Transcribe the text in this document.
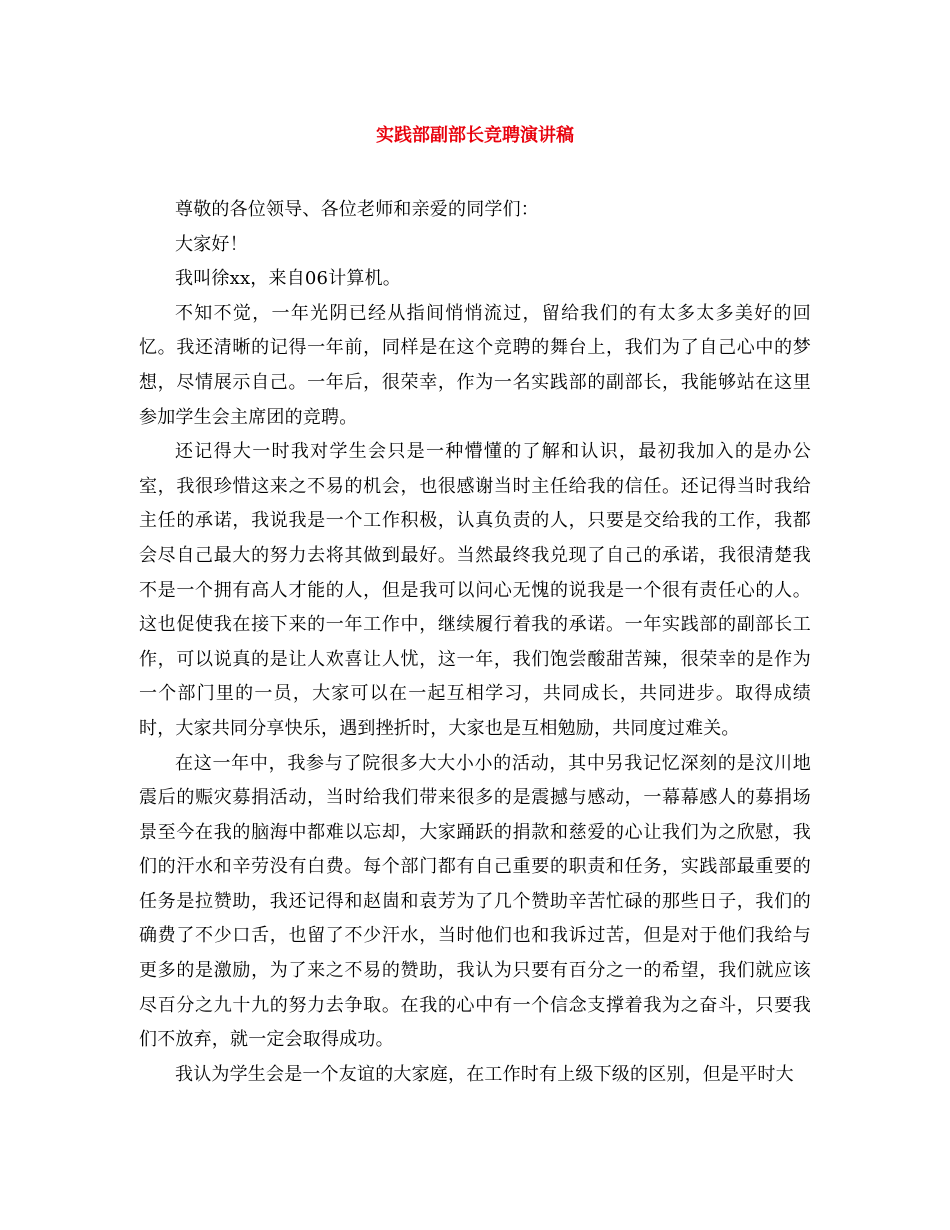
实践部副部长竞聘演讲稿

尊敬的各位领导、各位老师和亲爱的同学们：

大家好！

我叫徐xx，来自06计算机。

不知不觉，一年光阴已经从指间悄悄流过，留给我们的有太多太多美好的回忆。我还清晰的记得一年前，同样是在这个竞聘的舞台上，我们为了自己心中的梦想，尽情展示自己。一年后，很荣幸，作为一名实践部的副部长，我能够站在这里参加学生会主席团的竞聘。

还记得大一时我对学生会只是一种懵懂的了解和认识，最初我加入的是办公室，我很珍惜这来之不易的机会，也很感谢当时主任给我的信任。还记得当时我给主任的承诺，我说我是一个工作积极，认真负责的人，只要是交给我的工作，我都会尽自己最大的努力去将其做到最好。当然最终我兑现了自己的承诺，我很清楚我不是一个拥有高人才能的人，但是我可以问心无愧的说我是一个很有责任心的人。这也促使我在接下来的一年工作中，继续履行着我的承诺。一年实践部的副部长工作，可以说真的是让人欢喜让人忧，这一年，我们饱尝酸甜苦辣，很荣幸的是作为一个部门里的一员，大家可以在一起互相学习，共同成长，共同进步。取得成绩时，大家共同分享快乐，遇到挫折时，大家也是互相勉励，共同度过难关。

在这一年中，我参与了院很多大大小小的活动，其中另我记忆深刻的是汶川地震后的赈灾募捐活动，当时给我们带来很多的是震撼与感动，一幕幕感人的募捐场景至今在我的脑海中都难以忘却，大家踊跃的捐款和慈爱的心让我们为之欣慰，我们的汗水和辛劳没有白费。每个部门都有自己重要的职责和任务，实践部最重要的任务是拉赞助，我还记得和赵崮和袁芳为了几个赞助辛苦忙碌的那些日子，我们的确费了不少口舌，也留了不少汗水，当时他们也和我诉过苦，但是对于他们我给与更多的是激励，为了来之不易的赞助，我认为只要有百分之一的希望，我们就应该尽百分之九十九的努力去争取。在我的心中有一个信念支撑着我为之奋斗，只要我们不放弃，就一定会取得成功。

我认为学生会是一个友谊的大家庭，在工作时有上级下级的区别，但是平时大
